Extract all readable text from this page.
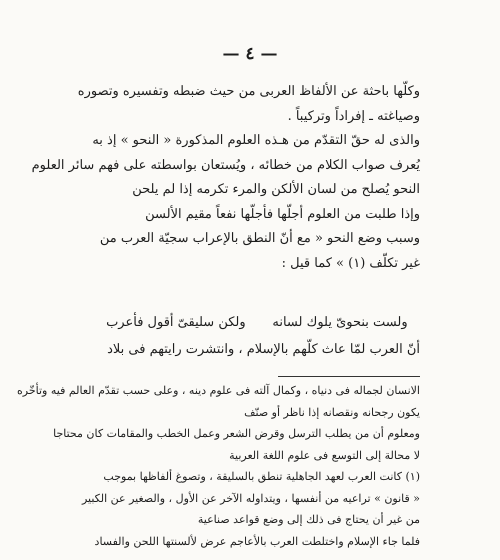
— ٤ —
وكلّها باحثة عن الألفاظ العربى من حيث ضبطه وتفسيره وتصوره
وصياغته ـ إفراداً وتركيباً .
والذى له حقّ التقدّم من هـذه العلوم المذكورة « النحو » إذ به
يُعرف صواب الكلام من خطائه ، ويُستعان بواسطته على فهم سائر العلوم
النحو يُصلح من لسان الألكن والمرء تكرمه إذا لم يلحن
وإذا طلبت من العلوم أجلّها فأجلّها نفعاً مقيم الألسن
وسبب وضع النحو « مع أنّ النطق بالإعراب سجيّة العرب من
غير تكلّف (١) » كما قيل :
ولست بنحوىّ يلوك لسانه ولكن سليقىّ أقول فأعرب
أنّ العرب لمّا عاث كلّهم بالإسلام ، وانتشرت رايتهم فى بلاد
الانسان لجماله فى دنياه ، وكمال آلته فى علوم دينه ، وعلى حسب تقدّم العالم فيه وتأخّره
يكون رجحانه ونقصانه إذا ناظر أو صنّف
ومعلوم أن من يطلب الترسل وقرض الشعر وعمل الخطب والمقامات كان محتاجا
لا محالة إلى التوسع فى علوم اللغة العربية
(١) كانت العرب لعهد الجاهلية تنطق بالسليقة ، وتصوغ ألفاظها بموجب
« قانون » تراعيه من أنفسها ، ويتداوله الآخر عن الأول ، والصغير عن الكبير
من غير أن يحتاج فى ذلك إلى وضع قواعد صناعية
فلما جاء الإسلام واختلطت العرب بالأعاجم عرض لألسنتها اللحن والفساد
